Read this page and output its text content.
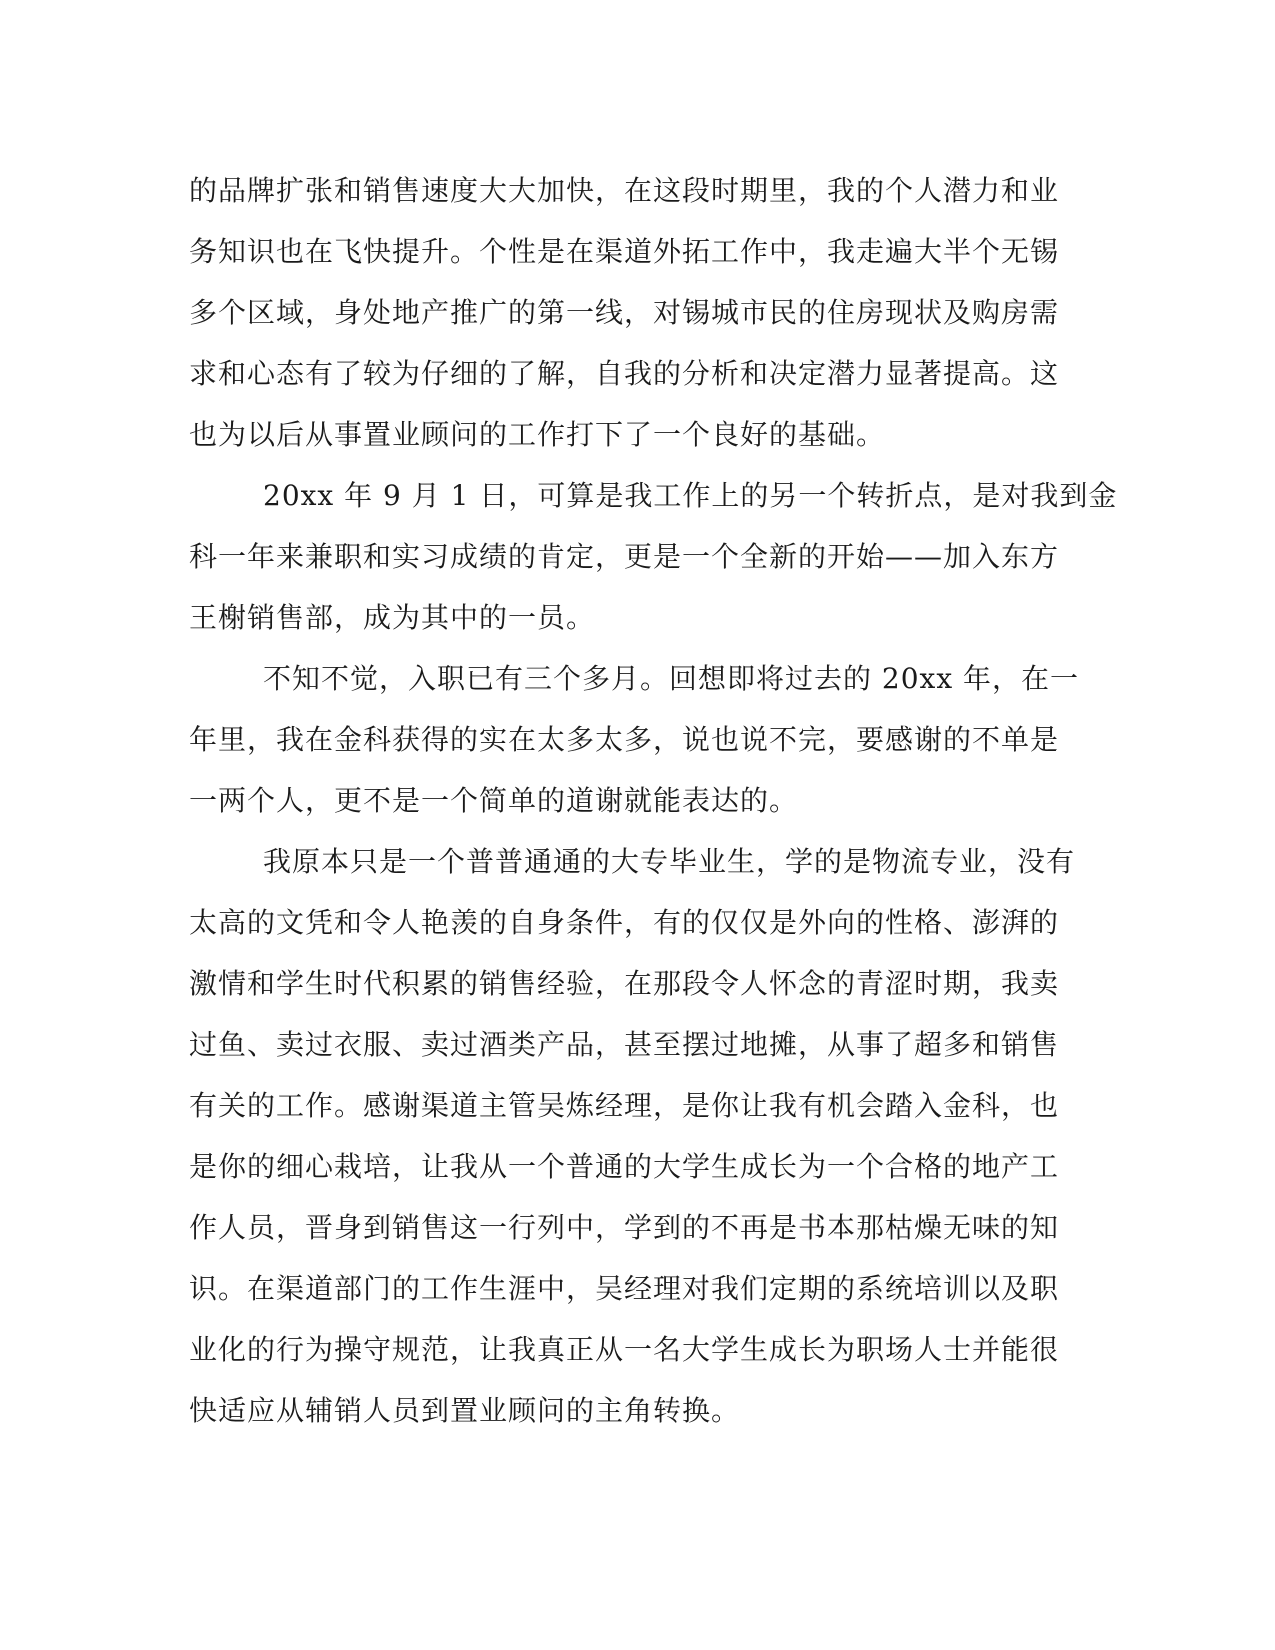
的品牌扩张和销售速度大大加快，在这段时期里，我的个人潜力和业

务知识也在飞快提升。个性是在渠道外拓工作中，我走遍大半个无锡

多个区域，身处地产推广的第一线，对锡城市民的住房现状及购房需

求和心态有了较为仔细的了解，自我的分析和决定潜力显著提高。这

也为以后从事置业顾问的工作打下了一个良好的基础。

20xx 年 9 月 1 日，可算是我工作上的另一个转折点，是对我到金

科一年来兼职和实习成绩的肯定，更是一个全新的开始——加入东方

王榭销售部，成为其中的一员。

不知不觉，入职已有三个多月。回想即将过去的 20xx 年，在一

年里，我在金科获得的实在太多太多，说也说不完，要感谢的不单是

一两个人，更不是一个简单的道谢就能表达的。

我原本只是一个普普通通的大专毕业生，学的是物流专业，没有

太高的文凭和令人艳羡的自身条件，有的仅仅是外向的性格、澎湃的

激情和学生时代积累的销售经验，在那段令人怀念的青涩时期，我卖

过鱼、卖过衣服、卖过酒类产品，甚至摆过地摊，从事了超多和销售

有关的工作。感谢渠道主管吴炼经理，是你让我有机会踏入金科，也

是你的细心栽培，让我从一个普通的大学生成长为一个合格的地产工

作人员，晋身到销售这一行列中，学到的不再是书本那枯燥无味的知

识。在渠道部门的工作生涯中，吴经理对我们定期的系统培训以及职

业化的行为操守规范，让我真正从一名大学生成长为职场人士并能很

快适应从辅销人员到置业顾问的主角转换。
